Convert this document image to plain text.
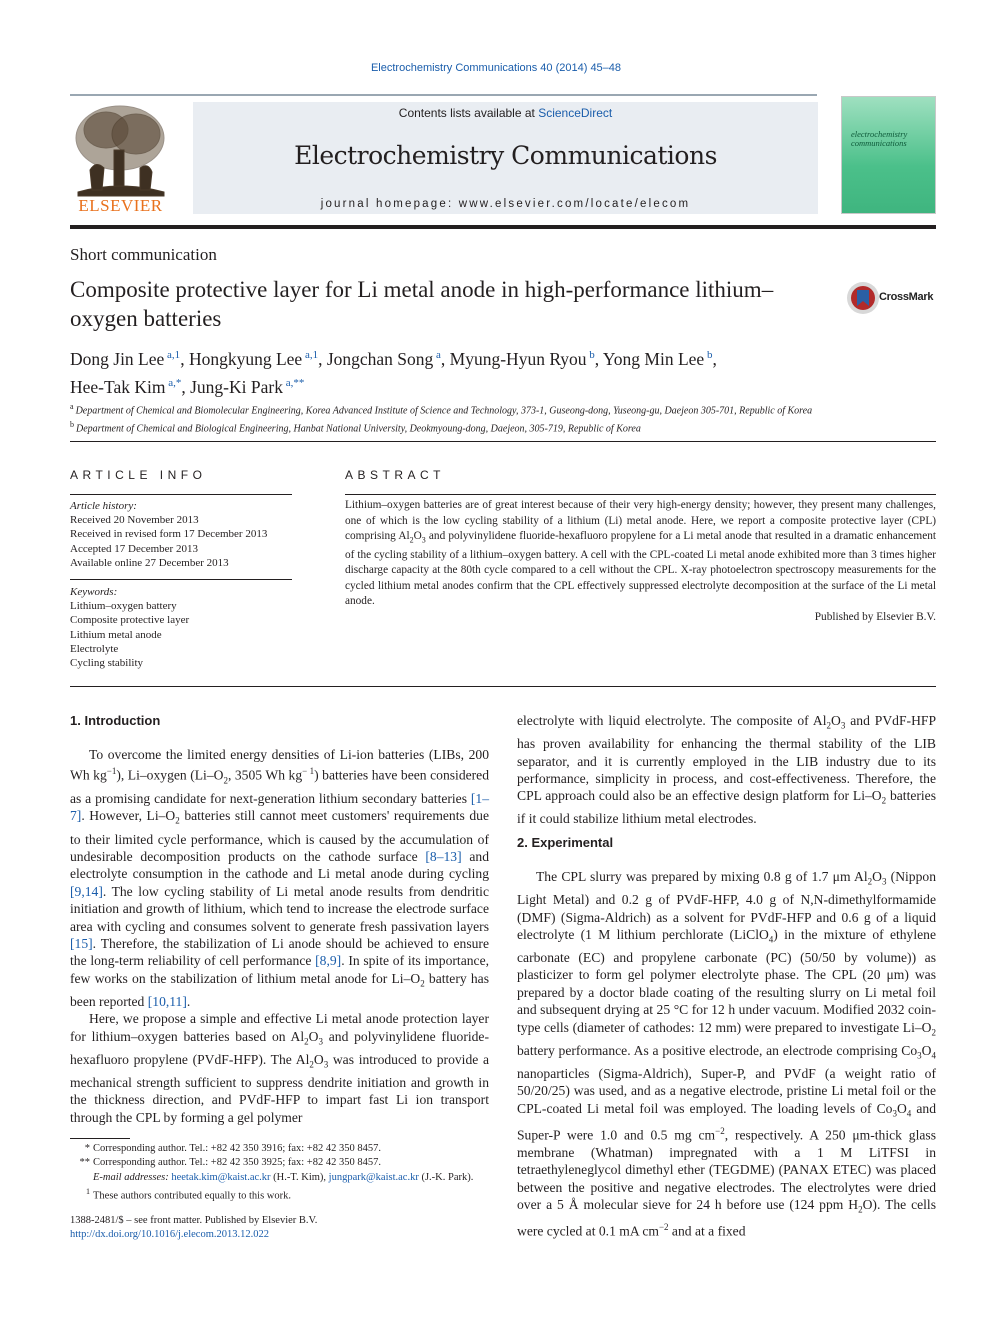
Electrochemistry Communications 40 (2014) 45–48
ELSEVIER
Contents lists available at ScienceDirect
Electrochemistry Communications
journal homepage: www.elsevier.com/locate/elecom
electrochemistry communications
Short communication
Composite protective layer for Li metal anode in high-performance lithium–oxygen batteries
CrossMark
Dong Jin Lee $^{a,1}$, Hongkyung Lee $^{a,1}$, Jongchan Song $^a$, Myung-Hyun Ryou $^b$, Yong Min Lee $^b$,
Hee-Tak Kim $^{a,*}$, Jung-Ki Park $^{a,**}$
$^a$ Department of Chemical and Biomolecular Engineering, Korea Advanced Institute of Science and Technology, 373-1, Guseong-dong, Yuseong-gu, Daejeon 305-701, Republic of Korea
$^b$ Department of Chemical and Biological Engineering, Hanbat National University, Deokmyoung-dong, Daejeon, 305-719, Republic of Korea
ARTICLE INFO	ABSTRACT
Article history:
Received 20 November 2013
Received in revised form 17 December 2013
Accepted 17 December 2013
Available online 27 December 2013
Keywords:
Lithium–oxygen battery
Composite protective layer
Lithium metal anode
Electrolyte
Cycling stability
Lithium–oxygen batteries are of great interest because of their very high-energy density; however, they present many challenges, one of which is the low cycling stability of a lithium (Li) metal anode. Here, we report a composite protective layer (CPL) comprising $Al_2O_3$ and polyvinylidene fluoride-hexafluoro propylene for a Li metal anode that resulted in a dramatic enhancement of the cycling stability of a lithium–oxygen battery. A cell with the CPL-coated Li metal anode exhibited more than 3 times higher discharge capacity at the 80th cycle compared to a cell without the CPL. X-ray photoelectron spectroscopy measurements for the cycled lithium metal anodes confirm that the CPL effectively suppressed electrolyte decomposition at the surface of the Li metal anode.
Published by Elsevier B.V.
1. Introduction

To overcome the limited energy densities of Li-ion batteries (LIBs, 200 Wh $kg^{-1}$), Li–oxygen ($Li-O_2$, 3505 Wh $kg^{- 1}$) batteries have been considered as a promising candidate for next-generation lithium secondary batteries [1–7]. However, $Li-O_2$ batteries still cannot meet customers' requirements due to their limited cycle performance, which is caused by the accumulation of undesirable decomposition products on the cathode surface [8–13] and electrolyte consumption in the cathode and Li metal anode during cycling [9,14]. The low cycling stability of Li metal anode results from dendritic initiation and growth of lithium, which tend to increase the electrode surface area with cycling and consumes solvent to generate fresh passivation layers [15]. Therefore, the stabilization of Li anode should be achieved to ensure the long-term reliability of cell performance [8,9]. In spite of its importance, few works on the stabilization of lithium metal anode for $Li-O_2$ battery has been reported [10,11].

Here, we propose a simple and effective Li metal anode protection layer for lithium–oxygen batteries based on $Al_2O_3$ and polyvinylidene fluoride-hexafluoro propylene (PVdF-HFP). The $Al_2O_3$ was introduced to provide a mechanical strength sufficient to suppress dendrite initiation and growth in the thickness direction, and PVdF-HFP to impart fast Li ion transport through the CPL by forming a gel polymer

electrolyte with liquid electrolyte. The composite of $Al_2O_3$ and PVdF-HFP has proven availability for enhancing the thermal stability of the LIB separator, and it is currently employed in the LIB industry due to its performance, simplicity in process, and cost-effectiveness. Therefore, the CPL approach could also be an effective design platform for $Li-O_2$ batteries if it could stabilize lithium metal electrodes.

2. Experimental

The CPL slurry was prepared by mixing 0.8 g of 1.7 μm $Al_2O_3$ (Nippon Light Metal) and 0.2 g of PVdF-HFP, 4.0 g of N,N-dimethylformamide (DMF) (Sigma-Aldrich) as a solvent for PVdF-HFP and 0.6 g of a liquid electrolyte (1 M lithium perchlorate (LiClO$_4$) in the mixture of ethylene carbonate (EC) and propylene carbonate (PC) (50/50 by volume)) as plasticizer to form gel polymer electrolyte phase. The CPL (20 μm) was prepared by a doctor blade coating of the resulting slurry on Li metal foil and subsequent drying at 25 °C for 12 h under vacuum. Modified 2032 coin-type cells (diameter of cathodes: 12 mm) were prepared to investigate $Li-O_2$ battery performance. As a positive electrode, an electrode comprising $Co_3O_4$ nanoparticles (Sigma-Aldrich), Super-P, and PVdF (a weight ratio of 50/20/25) was used, and as a negative electrode, pristine Li metal foil or the CPL-coated Li metal foil was employed. The loading levels of $Co_3O_4$ and Super-P were 1.0 and 0.5 mg $cm^{-2}$, respectively. A 250 μm-thick glass membrane (Whatman) impregnated with a 1 M LiTFSI in tetraethyleneglycol dimethyl ether (TEGDME) (PANAX ETEC) was placed between the positive and negative electrodes. The electrolytes were dried over a 5 Å molecular sieve for 24 h before use (124 ppm $H_2O$). The cells were cycled at 0.1 mA $cm^{-2}$ and at a fixed

* Corresponding author. Tel.: +82 42 350 3916; fax: +82 42 350 8457.
** Corresponding author. Tel.: +82 42 350 3925; fax: +82 42 350 8457.
E-mail addresses: heetak.kim@kaist.ac.kr (H.-T. Kim), jungpark@kaist.ac.kr (J.-K. Park).
$^1$ These authors contributed equally to this work.
1388-2481/$ – see front matter. Published by Elsevier B.V.
http://dx.doi.org/10.1016/j.elecom.2013.12.022
